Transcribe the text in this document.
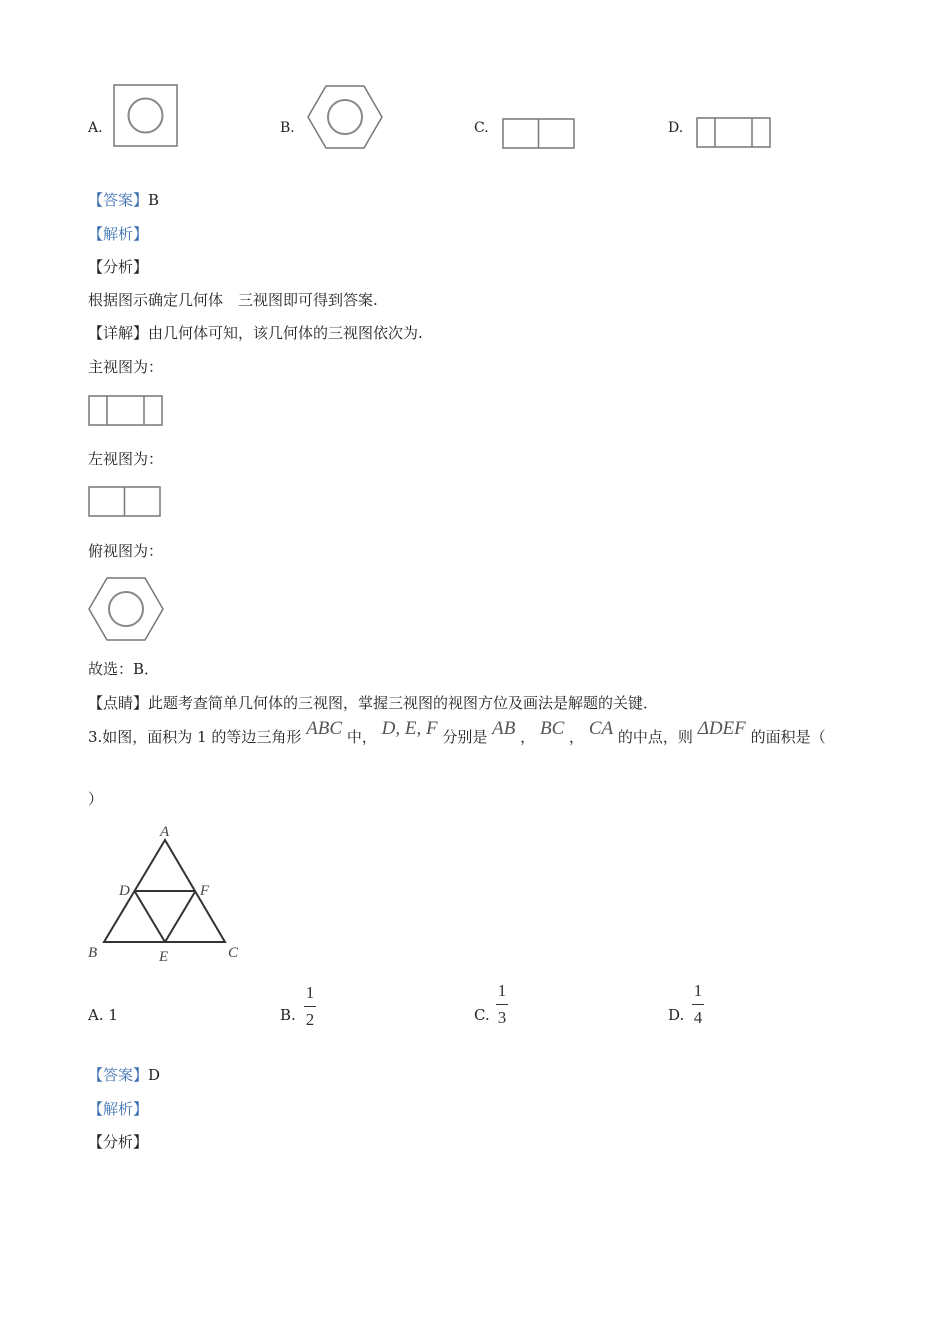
A.	B.	C.	D.
【答案】B
【解析】
【分析】
根据图示确定几何体　三视图即可得到答案.
【详解】由几何体可知，该几何体的三视图依次为.
主视图为：
左视图为：
俯视图为：
故选：B．
【点睛】此题考查简单几何体的三视图，掌握三视图的视图方位及画法是解题的关键．
3.如图，面积为 1 的等边三角形 ABC 中， D, E, F 分别是 AB ， BC ， CA 的中点，则 ΔDEF 的面积是（
）
A
D	F
B	E	C
A. 1	B.
1
2	C.
1
3	D.
1
4
【答案】D
【解析】
【分析】
